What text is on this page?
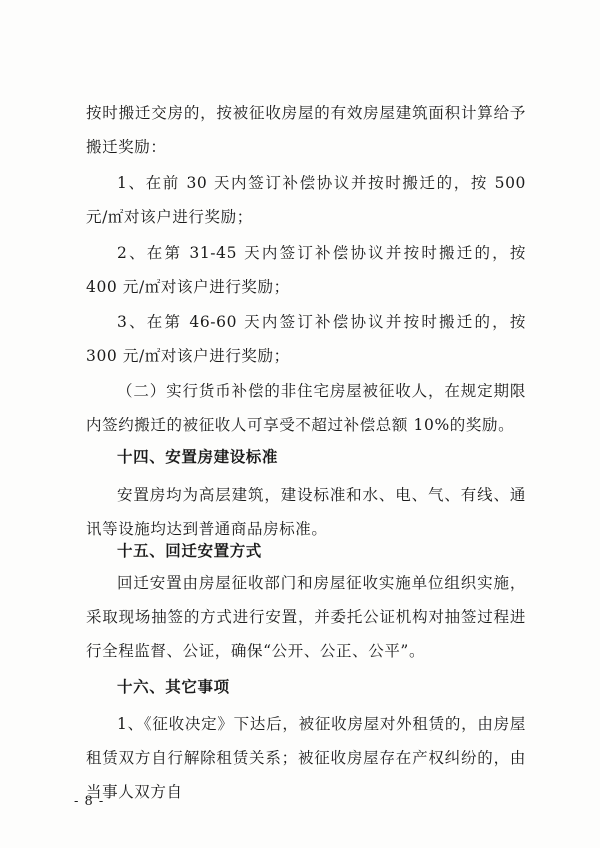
按时搬迁交房的，按被征收房屋的有效房屋建筑面积计算给予搬迁奖励：

1、在前 30 天内签订补偿协议并按时搬迁的，按 500 元/㎡对该户进行奖励；

2、在第 31-45 天内签订补偿协议并按时搬迁的，按 400 元/㎡对该户进行奖励；

3、在第 46-60 天内签订补偿协议并按时搬迁的，按 300 元/㎡对该户进行奖励；

（二）实行货币补偿的非住宅房屋被征收人，在规定期限内签约搬迁的被征收人可享受不超过补偿总额 10%的奖励。

十四、安置房建设标准

安置房均为高层建筑，建设标准和水、电、气、有线、通讯等设施均达到普通商品房标准。

十五、回迁安置方式

回迁安置由房屋征收部门和房屋征收实施单位组织实施，采取现场抽签的方式进行安置，并委托公证机构对抽签过程进行全程监督、公证，确保“公开、公正、公平”。

十六、其它事项

1、《征收决定》下达后，被征收房屋对外租赁的，由房屋租赁双方自行解除租赁关系；被征收房屋存在产权纠纷的，由当事人双方自

- 8 -
